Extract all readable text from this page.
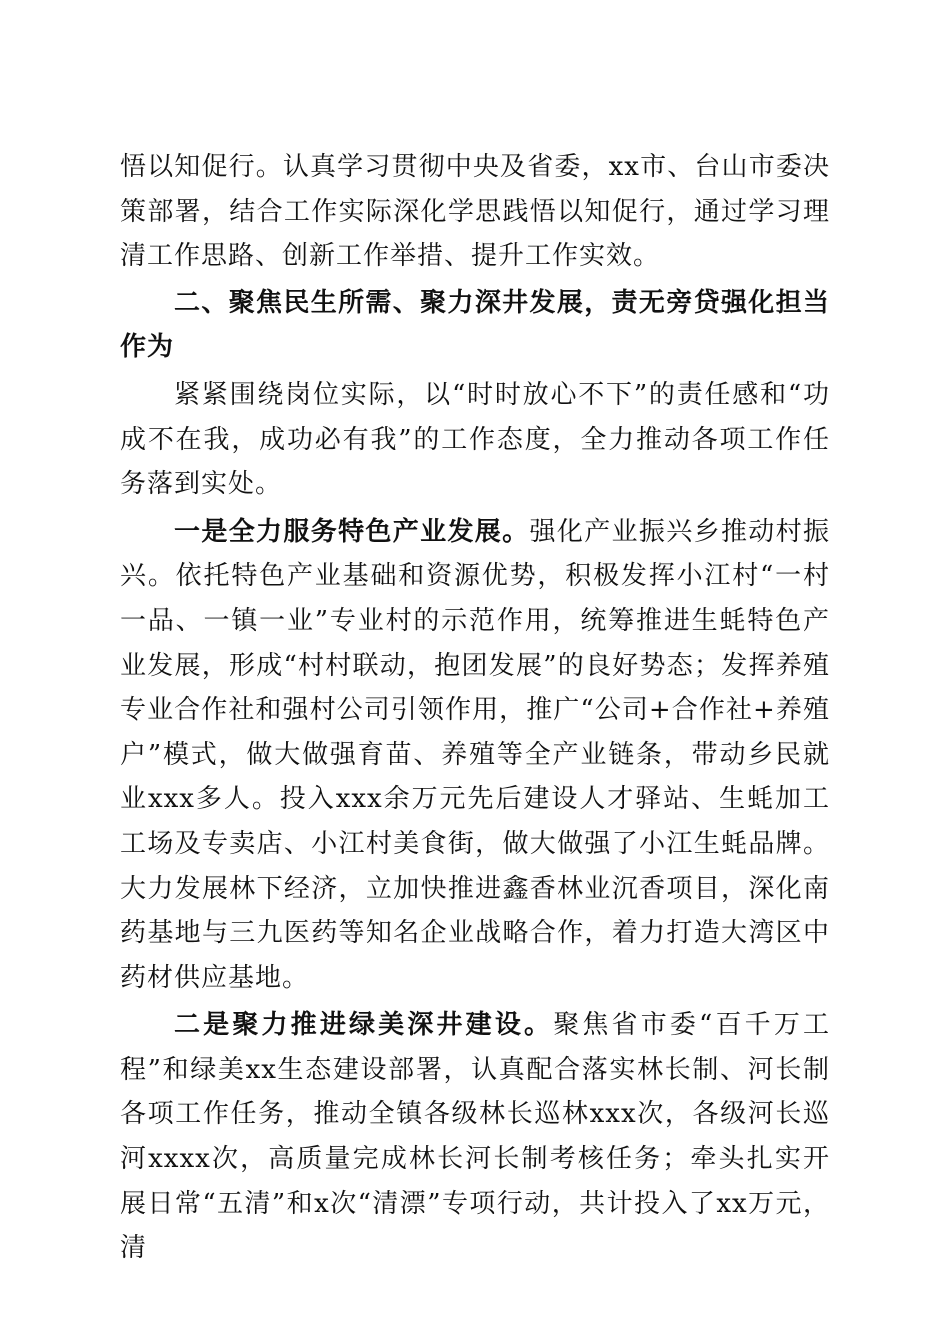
悟以知促行。认真学习贯彻中央及省委，xx市、台山市委决策部署，结合工作实际深化学思践悟以知促行，通过学习理清工作思路、创新工作举措、提升工作实效。

二、聚焦民生所需、聚力深井发展，责无旁贷强化担当作为

紧紧围绕岗位实际，以“时时放心不下”的责任感和“功成不在我，成功必有我”的工作态度，全力推动各项工作任务落到实处。

一是全力服务特色产业发展。强化产业振兴乡推动村振兴。依托特色产业基础和资源优势，积极发挥小江村“一村一品、一镇一业”专业村的示范作用，统筹推进生蚝特色产业发展，形成“村村联动，抱团发展”的良好势态；发挥养殖专业合作社和强村公司引领作用，推广“公司+合作社+养殖户”模式，做大做强育苗、养殖等全产业链条，带动乡民就业xxx多人。投入xxx余万元先后建设人才驿站、生蚝加工工场及专卖店、小江村美食街，做大做强了小江生蚝品牌。大力发展林下经济，立加快推进鑫香林业沉香项目，深化南药基地与三九医药等知名企业战略合作，着力打造大湾区中药材供应基地。

二是聚力推进绿美深井建设。聚焦省市委“百千万工程”和绿美xx生态建设部署，认真配合落实林长制、河长制各项工作任务，推动全镇各级林长巡林xxx次，各级河长巡河xxxx次，高质量完成林长河长制考核任务；牵头扎实开展日常“五清”和x次“清漂”专项行动，共计投入了xx万元，清
